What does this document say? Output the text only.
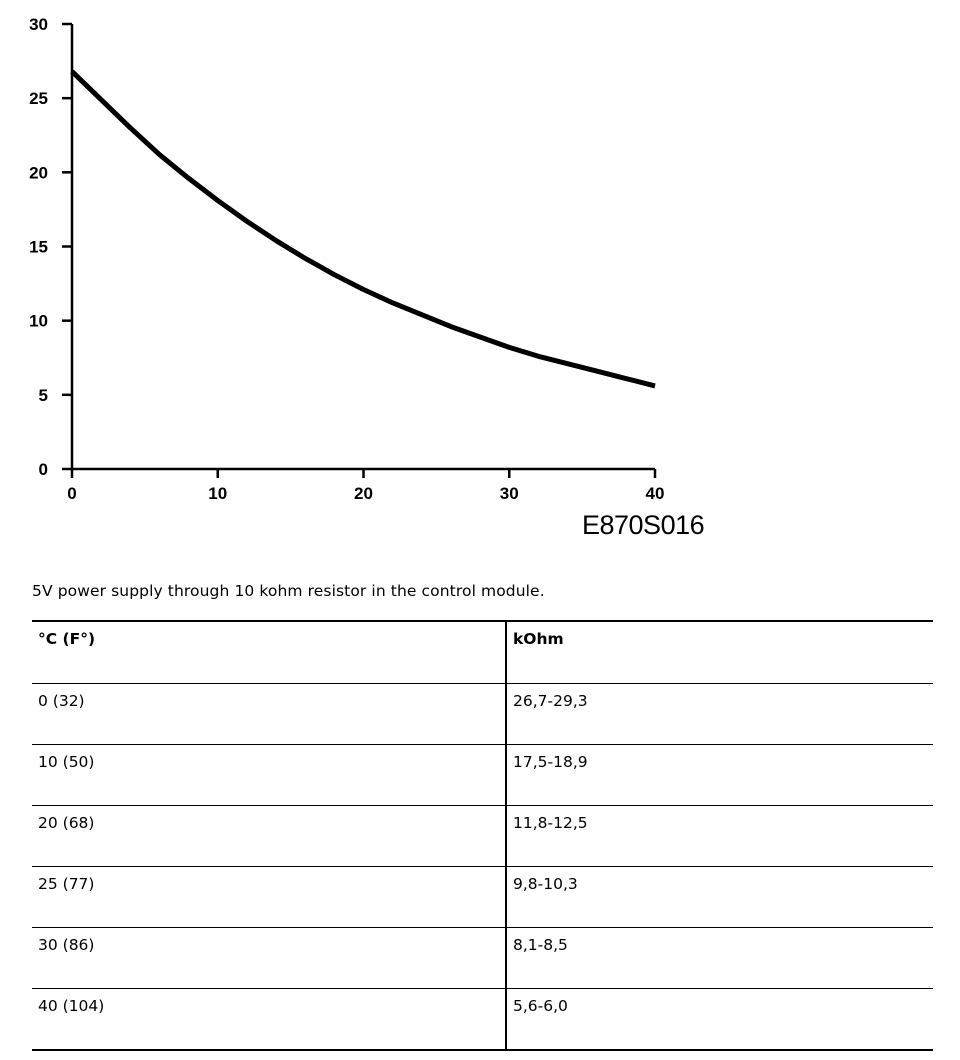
0
5
10
15
20
25
30
0	10	20	30	40
E870S016
5V power supply through 10 kohm resistor in the control module.
°C (F°)	kOhm
0 (32)	26,7-29,3
10 (50)	17,5-18,9
20 (68)	11,8-12,5
25 (77)	9,8-10,3
30 (86)	8,1-8,5
40 (104)	5,6-6,0
